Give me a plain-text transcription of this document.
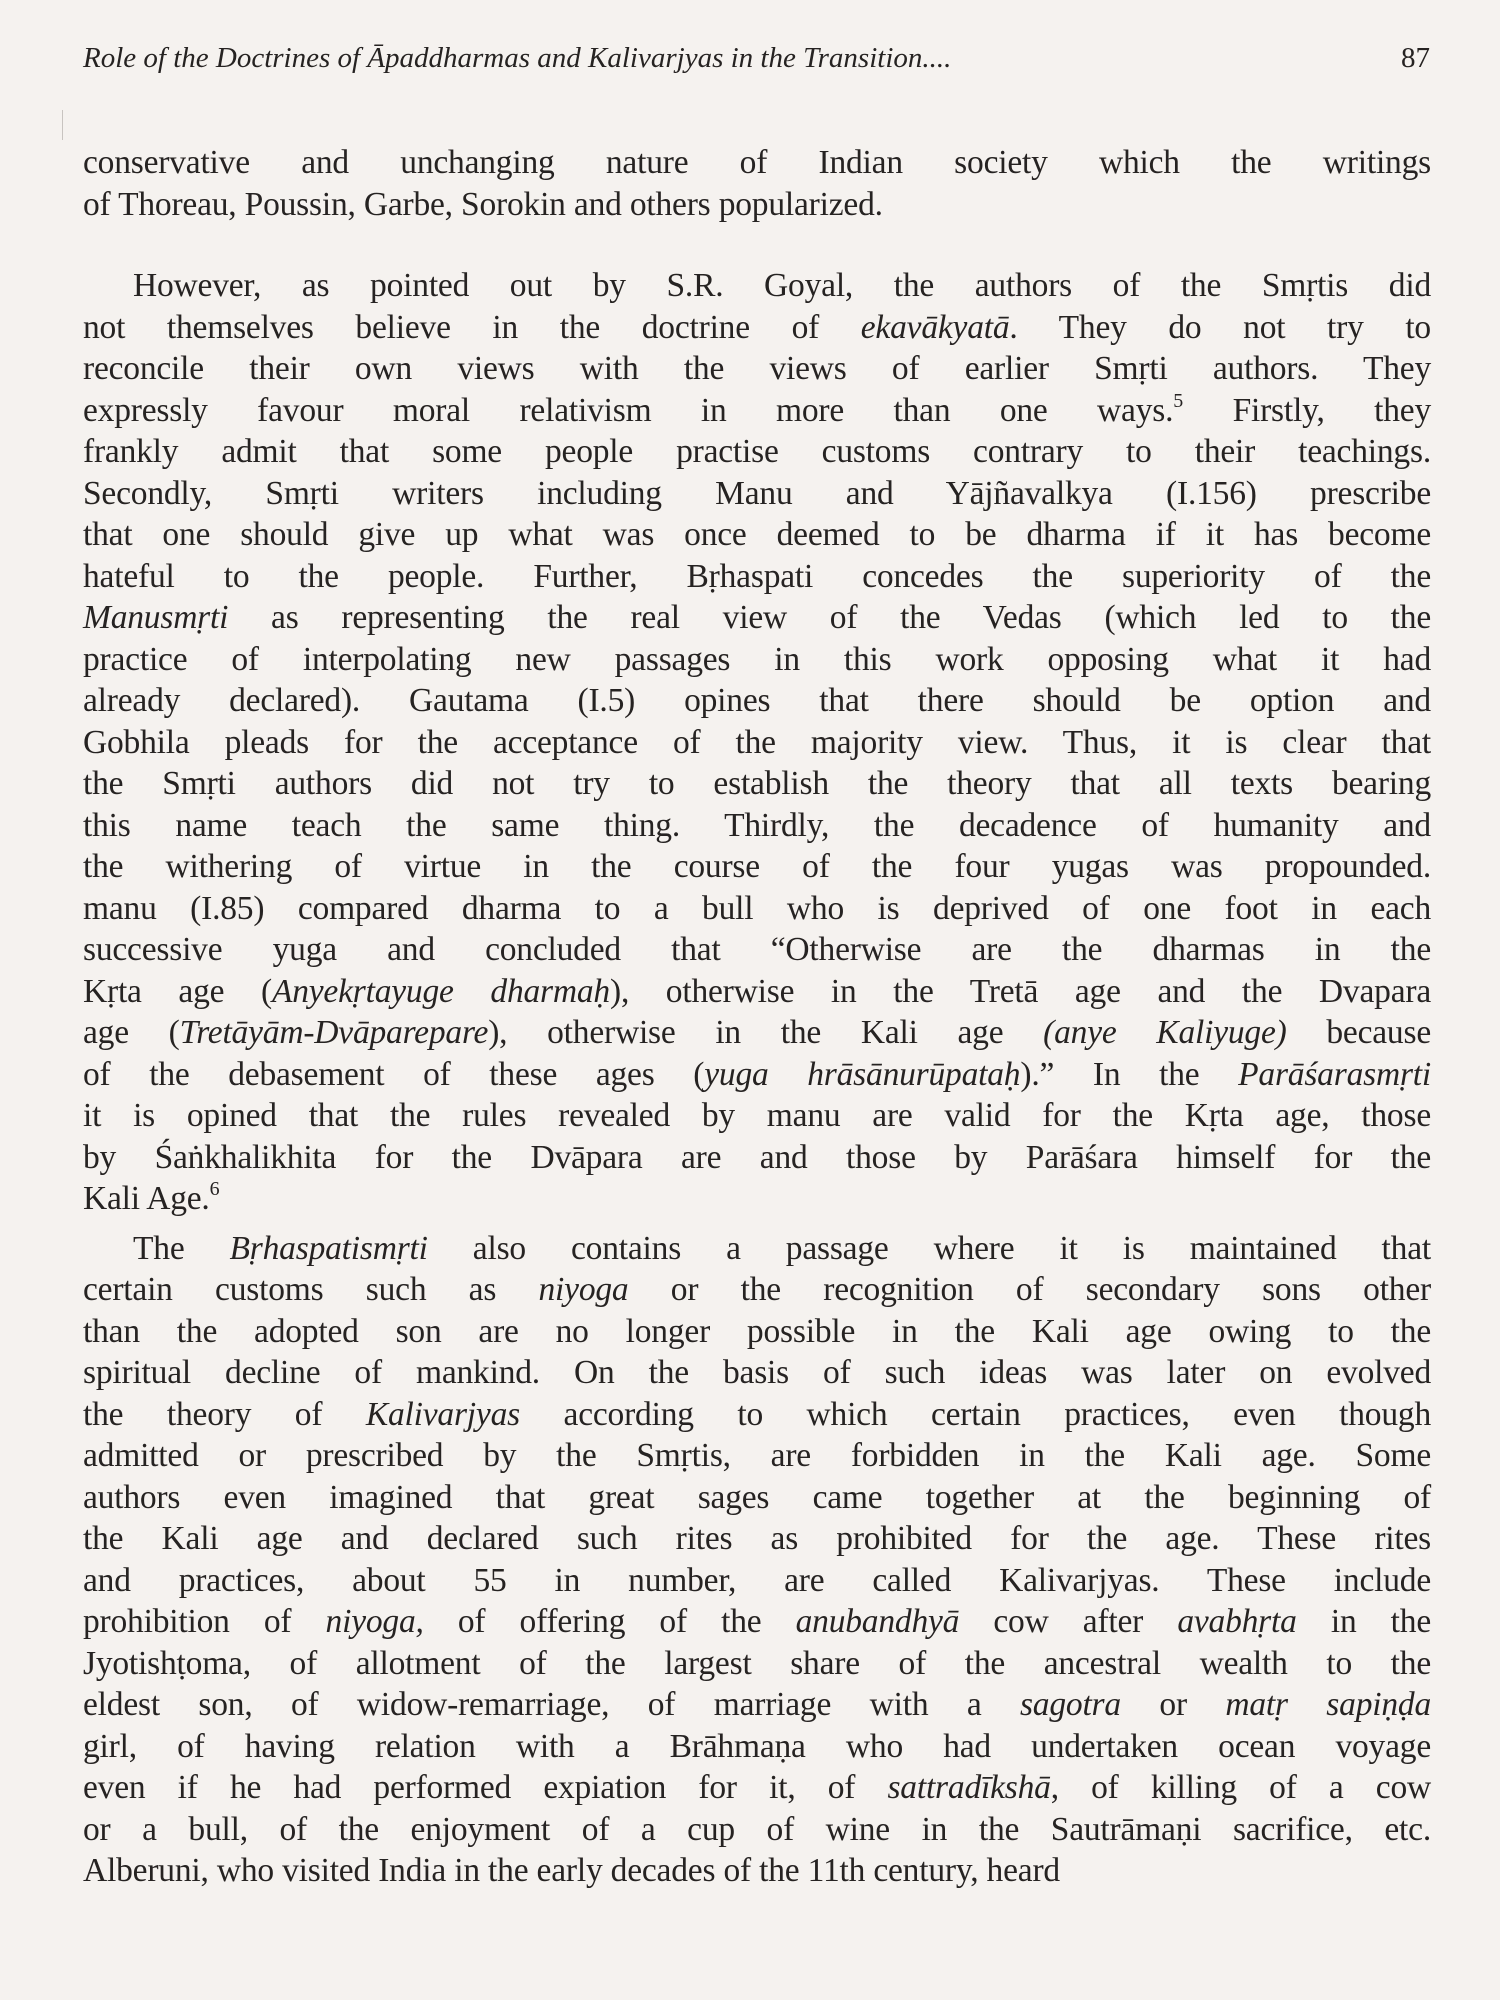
Role of the Doctrines of Āpaddharmas and Kalivarjyas in the Transition....	87
conservative and unchanging nature of Indian society which the writings
of Thoreau, Poussin, Garbe, Sorokin and others popularized.
However, as pointed out by S.R. Goyal, the authors of the Smṛtis did
not themselves believe in the doctrine of ekavākyatā. They do not try to
reconcile their own views with the views of earlier Smṛti authors. They
expressly favour moral relativism in more than one ways.$^5$ Firstly, they
frankly admit that some people practise customs contrary to their teachings.
Secondly, Smṛti writers including Manu and Yājñavalkya (I.156) prescribe
that one should give up what was once deemed to be dharma if it has become
hateful to the people. Further, Bṛhaspati concedes the superiority of the
Manusmṛti as representing the real view of the Vedas (which led to the
practice of interpolating new passages in this work opposing what it had
already declared). Gautama (I.5) opines that there should be option and
Gobhila pleads for the acceptance of the majority view. Thus, it is clear that
the Smṛti authors did not try to establish the theory that all texts bearing
this name teach the same thing. Thirdly, the decadence of humanity and
the withering of virtue in the course of the four yugas was propounded.
manu (I.85) compared dharma to a bull who is deprived of one foot in each
successive yuga and concluded that “Otherwise are the dharmas in the
Kṛta age (Anyekṛtayuge dharmaḥ), otherwise in the Tretā age and the Dvapara
age (Tretāyām-Dvāparepare), otherwise in the Kali age (anye Kaliyuge) because
of the debasement of these ages (yuga hrāsānurūpataḥ).” In the Parāśarasmṛti
it is opined that the rules revealed by manu are valid for the Kṛta age, those
by Śaṅkhalikhita for the Dvāpara are and those by Parāśara himself for the
Kali Age.$^6$
The Bṛhaspatismṛti also contains a passage where it is maintained that
certain customs such as niyoga or the recognition of secondary sons other
than the adopted son are no longer possible in the Kali age owing to the
spiritual decline of mankind. On the basis of such ideas was later on evolved
the theory of Kalivarjyas according to which certain practices, even though
admitted or prescribed by the Smṛtis, are forbidden in the Kali age. Some
authors even imagined that great sages came together at the beginning of
the Kali age and declared such rites as prohibited for the age. These rites
and practices, about 55 in number, are called Kalivarjyas. These include
prohibition of niyoga, of offering of the anubandhyā cow after avabhṛta in the
Jyotishṭoma, of allotment of the largest share of the ancestral wealth to the
eldest son, of widow-remarriage, of marriage with a sagotra or matṛ sapiṇḍa
girl, of having relation with a Brāhmaṇa who had undertaken ocean voyage
even if he had performed expiation for it, of sattradīkshā, of killing of a cow
or a bull, of the enjoyment of a cup of wine in the Sautrāmaṇi sacrifice, etc.
Alberuni, who visited India in the early decades of the 11th century, heard
